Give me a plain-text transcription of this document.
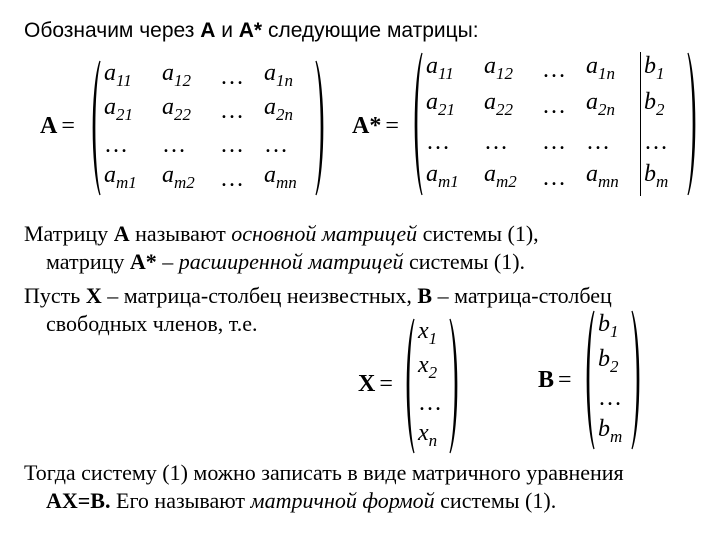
Обозначим через А и А* следующие матрицы:
A =
$a_{11}$	$a_{12}$	… $a_{1n}$
$a_{21}$	$a_{22}$	… $a_{2n}$
…	…	… …
$a_{m1}$	$a_{m2}$	… $a_{mn}$
A* =
$a_{11}$	$a_{12}$	… $a_{1n}$	$b_1$
$a_{21}$	$a_{22}$	… $a_{2n}$	$b_2$
…	…	… …	…
$a_{m1}$	$a_{m2}$	… $a_{mn}$	$b_m$
Матрицу А называют основной матрицей системы (1),
матрицу А* – расширенной матрицей системы (1).
Пусть Х – матрица-столбец неизвестных, В – матрица-столбец
свободных членов, т.е.
X =
$x_1$
$x_2$
…
$x_n$
B =
$b_1$
$b_2$
…
$b_m$
Тогда систему (1) можно записать в виде матричного уравнения
АХ=В. Его называют матричной формой системы (1).
